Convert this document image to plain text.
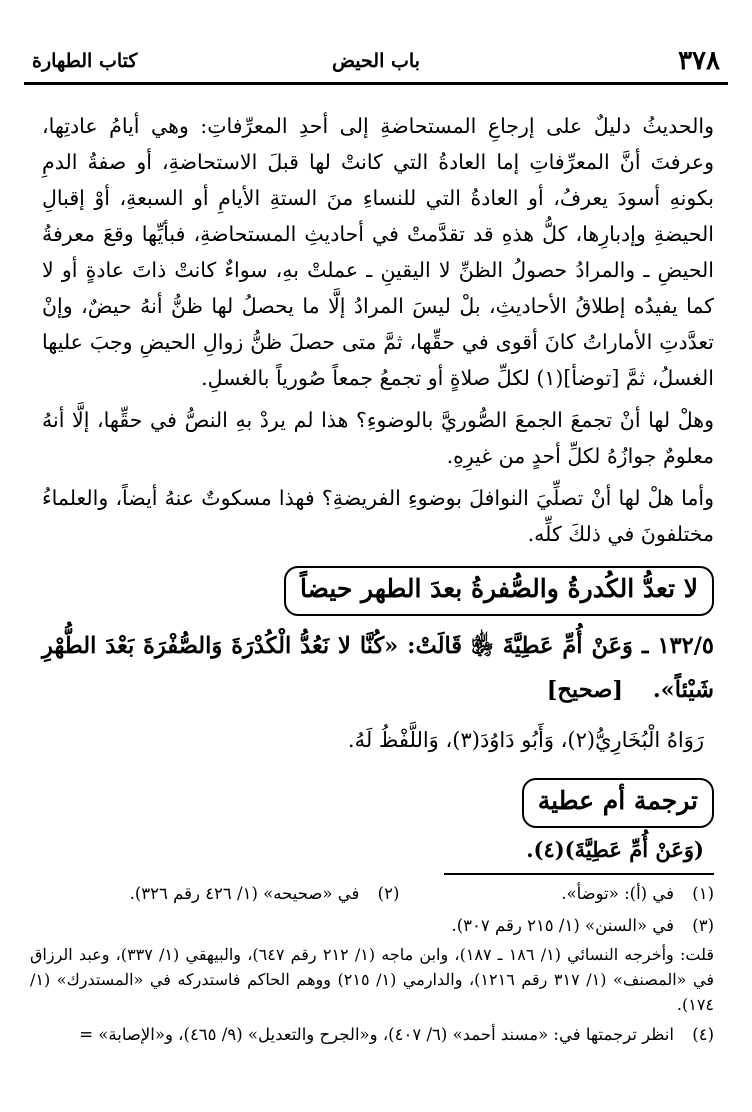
٣٧٨
باب الحيض
كتاب الطهارة

والحديثُ دليلٌ على إرجاعِ المستحاضةِ إلى أحدِ المعرِّفاتِ: وهي أيامُ عادتِها، وعرفتَ أنَّ المعرِّفاتِ إما العادةُ التي كانتْ لها قبلَ الاستحاضةِ، أو صفةُ الدمِ بكونهِ أسودَ يعرفُ، أو العادةُ التي للنساءِ منَ الستةِ الأيامِ أو السبعةِ، أوْ إقبالِ الحيضةِ وإدبارِها، كلُّ هذهِ قد تقدَّمتْ في أحاديثِ المستحاضةِ، فبأيِّها وقعَ معرفةُ الحيضِ ـ والمرادُ حصولُ الظنِّ لا اليقينِ ـ عملتْ بهِ، سواءٌ كانتْ ذاتَ عادةٍ أو لا كما يفيدُه إطلاقُ الأحاديثِ، بلْ ليسَ المرادُ إلَّا ما يحصلُ لها ظنُّ أنهُ حيضٌ، وإنْ تعدَّدتِ الأماراتُ كانَ أقوى في حقِّها، ثمَّ متى حصلَ ظنُّ زوالِ الحيضِ وجبَ عليها الغسلُ، ثمَّ [توضأ](١) لكلِّ صلاةٍ أو تجمعُ جمعاً صُورياً بالغسلِ.

وهلْ لها أنْ تجمعَ الجمعَ الصُّوريَّ بالوضوءِ؟ هذا لم يردْ بهِ النصُّ في حقِّها، إلَّا أنهُ معلومٌ جوازُهُ لكلِّ أحدٍ من غيرِهِ.

وأما هلْ لها أنْ تصلِّيَ النوافلَ بوضوءِ الفريضةِ؟ فهذا مسكوتٌ عنهُ أيضاً، والعلماءُ مختلفونَ في ذلكَ كلِّه.

لا تعدُّ الكُدرةُ والصُّفرةُ بعدَ الطهر حيضاً

١٣٢/٥ ـ وَعَنْ أُمِّ عَطِيَّةَ ﵂ قَالَتْ: «كُنَّا لا نَعُدُّ الْكُدْرَةَ وَالصُّفْرَةَ بَعْدَ الطُّهْرِ شَيْئاً». [صحيح]

رَوَاهُ الْبُخَارِيُّ(٢)، وَأَبُو دَاوُدَ(٣)، وَاللَّفْظُ لَهُ.

ترجمة أم عطية

(وَعَنْ أُمِّ عَطِيَّةَ)(٤).

(١)
في (أ): «توضأ».
(٢)
في «صحيحه» (١/ ٤٢٦ رقم ٣٢٦).
(٣)
في «السنن» (١/ ٢١٥ رقم ٣٠٧).

قلت: وأخرجه النسائي (١/ ١٨٦ ـ ١٨٧)، وابن ماجه (١/ ٢١٢ رقم ٦٤٧)، والبيهقي (١/ ٣٣٧)، وعبد الرزاق في «المصنف» (١/ ٣١٧ رقم ١٢١٦)، والدارمي (١/ ٢١٥) ووهم الحاكم فاستدركه في «المستدرك» (١/ ١٧٤).

(٤)
انظر ترجمتها في: «مسند أحمد» (٦/ ٤٠٧)، و«الجرح والتعديل» (٩/ ٤٦٥)، و«الإصابة» =
